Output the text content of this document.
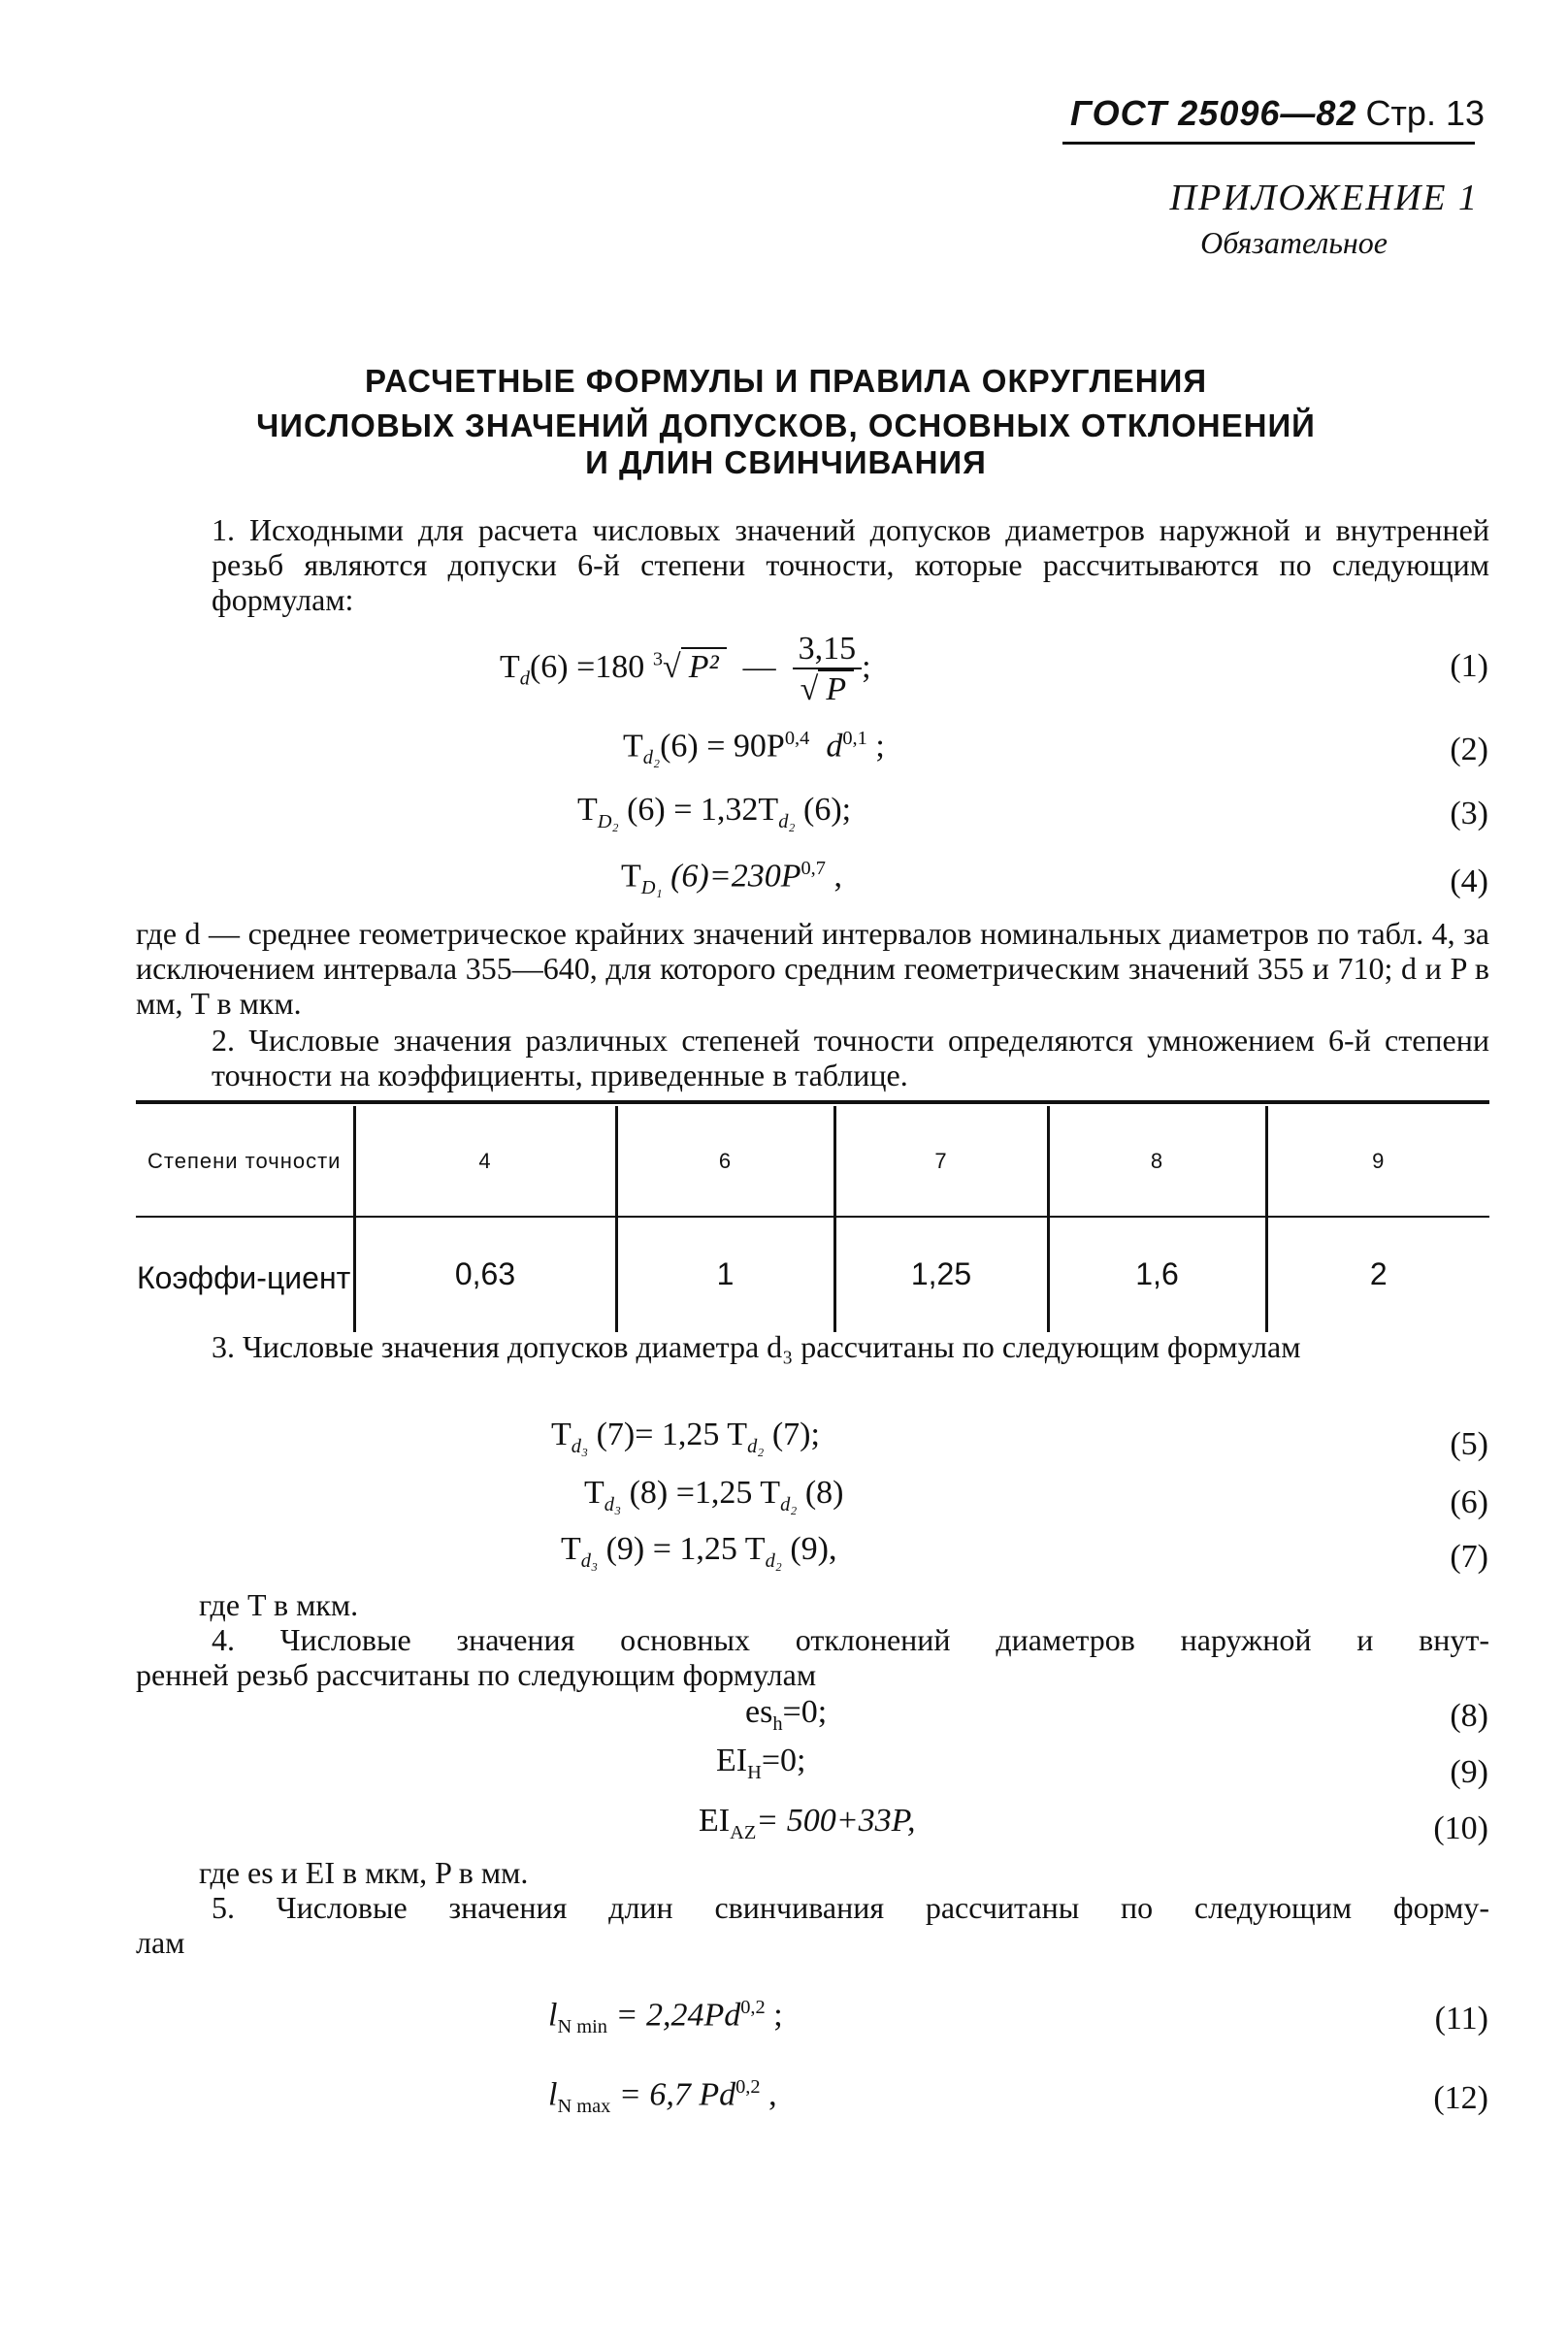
ГОСТ 25096—82 Стр. 13
ПРИЛОЖЕНИЕ 1
Обязательное
РАСЧЕТНЫЕ ФОРМУЛЫ И ПРАВИЛА ОКРУГЛЕНИЯ
ЧИСЛОВЫХ ЗНАЧЕНИЙ ДОПУСКОВ, ОСНОВНЫХ ОТКЛОНЕНИЙ
И ДЛИН СВИНЧИВАНИЯ
1. Исходными для расчета числовых значений допусков диаметров наружной и внутренней резьб являются допуски 6-й степени точности, которые рассчитываются по следующим формулам:
$T_d(6) =180$ $^3$√ P²  — $\frac{3,15}{√ P}$ ;	(1)
$T_{d_2}(6) = 90P^{0,4}$ $d^{0,1}$ ;	(2)
$T_{D_2}$ $(6) = 1,32T_{d_2}$ (6);	(3)
$T_{D_1}$ $(6)=230P^{0,7}$ ,	(4)
где d — среднее геометрическое крайних значений интервалов номинальных диаметров по табл. 4, за исключением интервала 355—640, для которого средним геометрическим значений 355 и 710; d и P в мм, T в мкм.
2. Числовые значения различных степеней точности определяются умножением 6-й степени точности на коэффициенты, приведенные в таблице.
Степени точности	4	6	7	8	9
Коэффи-циент	0,63	1	1,25	1,6	2
3. Числовые значения допусков диаметра d₃ рассчитаны по следующим формулам
$T_{d_3}$ (7)= 1,25 $T_{d_2}$ (7);	(5)
$T_{d_3}$ (8) =1,25 $T_{d_2}$ (8)	(6)
$T_{d_3}$ (9) = 1,25 $T_{d_2}$ (9),	(7)
где T в мкм.
4. Числовые значения основных отклонений диаметров наружной и внут-
ренней резьб рассчитаны по следующим формулам
$es_h=0$;	(8)
$EI_H=0$;	(9)
$EI_{AZ}= 500+33P$,	(10)
где es и EI в мкм, P в мм.
5. Числовые значения длин свинчивания рассчитаны по следующим форму-
лам
$l_{N min} = 2,24Pd^{0,2}$ ;	(11)
$l_{N max} = 6,7$ Pd$^{0,2}$ ,	(12)
